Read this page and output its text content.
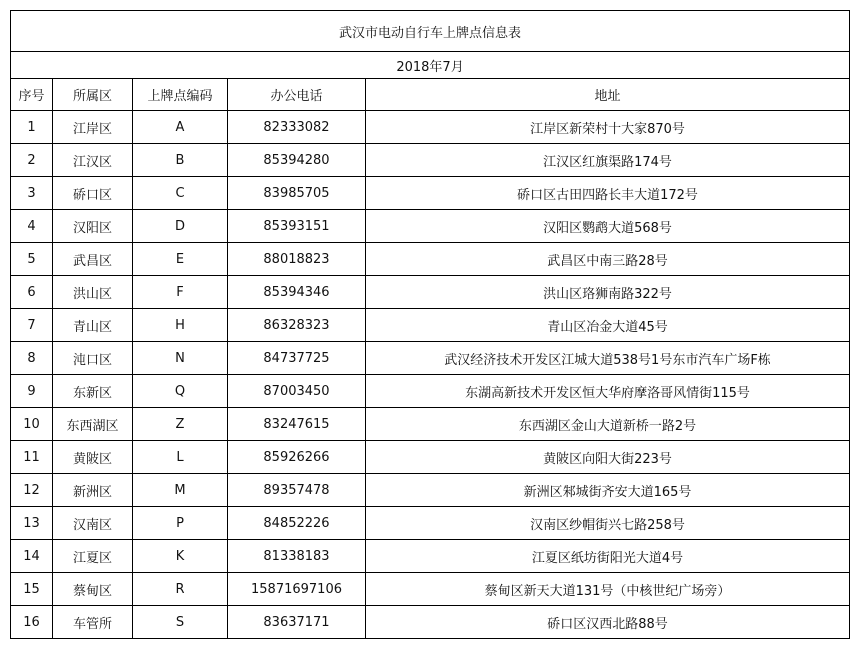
武汉市电动自行车上牌点信息表				
2018年7月				
序号	所属区	上牌点编码	办公电话	地址
1	江岸区	A	82333082	江岸区新荣村十大家870号
2	江汉区	B	85394280	江汉区红旗渠路174号
3	硚口区	C	83985705	硚口区古田四路长丰大道172号
4	汉阳区	D	85393151	汉阳区鹦鹉大道568号
5	武昌区	E	88018823	武昌区中南三路28号
6	洪山区	F	85394346	洪山区珞狮南路322号
7	青山区	H	86328323	青山区冶金大道45号
8	沌口区	N	84737725	武汉经济技术开发区江城大道538号1号东市汽车广场F栋
9	东新区	Q	87003450	东湖高新技术开发区恒大华府摩洛哥风情街115号
10	东西湖区	Z	83247615	东西湖区金山大道新桥一路2号
11	黄陂区	L	85926266	黄陂区向阳大街223号
12	新洲区	M	89357478	新洲区邾城街齐安大道165号
13	汉南区	P	84852226	汉南区纱帽街兴七路258号
14	江夏区	K	81338183	江夏区纸坊街阳光大道4号
15	蔡甸区	R	15871697106	蔡甸区新天大道131号（中核世纪广场旁）
16	车管所	S	83637171	硚口区汉西北路88号
